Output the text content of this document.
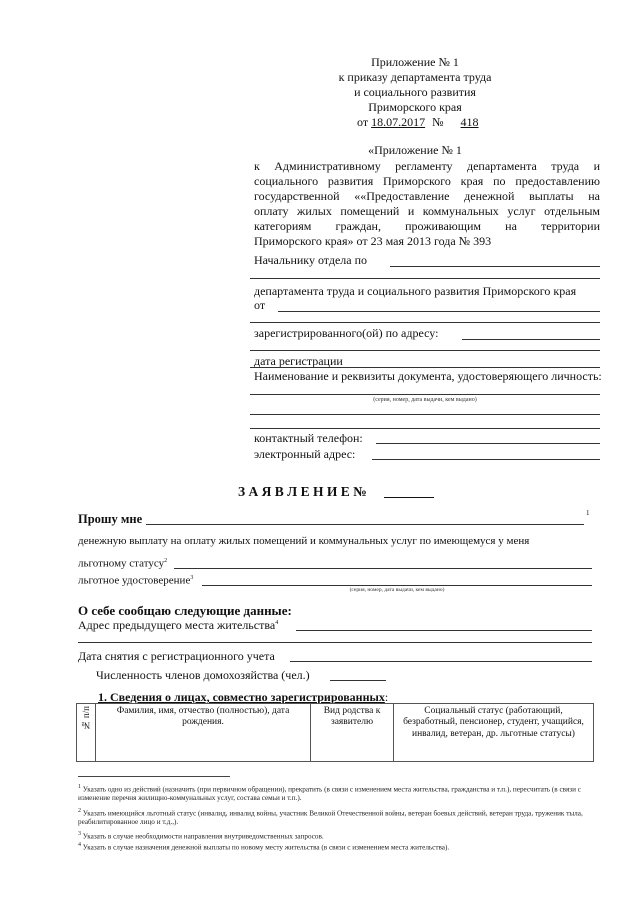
Приложение № 1
к приказу департамента труда
и социального развития
Приморского края
от 18.07.2017 № 418
«Приложение № 1
к Административному регламенту департамента труда и
социального развития Приморского края по предоставлению
государственной ««Предоставление денежной выплаты на
оплату жилых помещений и коммунальных услуг отдельным
категориям граждан, проживающим на территории
Приморского края» от 23 мая 2013 года № 393
Начальнику отдела по
департамента труда и социального развития Приморского края
от
зарегистрированного(ой) по адресу:
дата регистрации
Наименование и реквизиты документа, удостоверяющего личность:
(серия, номер, дата выдачи, кем выдано)
контактный телефон:
электронный адрес:
З А Я В Л Е Н И Е №
Прошу мне	1
денежную выплату на оплату жилых помещений и коммунальных услуг по имеющемуся у меня
льготному статусу$^2$
льготное удостоверение$^3$
(серия, номер, дата выдачи, кем выдано)
О себе сообщаю следующие данные:
Адрес предыдущего места жительства$^4$
Дата снятия с регистрационного учета
Численность членов домохозяйства (чел.)
1. Сведения о лицах, совместно зарегистрированных:
№ п/п	Фамилия, имя, отчество (полностью), дата рождения.	Вид родства к заявителю	Социальный статус (работающий, безработный, пенсионер, студент, учащийся, инвалид, ветеран, др. льготные статусы)
$^1$ Указать одно из действий (назначить (при первичном обращении), прекратить (в связи с изменением места жительства, гражданства и т.п.), пересчитать (в связи с изменение перечня жилищно-коммунальных услуг, состава семьи и т.п.).
$^2$ Указать имеющийся льготный статус (инвалид, инвалид войны, участник Великой Отечественной войны, ветеран боевых действий, ветеран труда, труженик тыла, реабилитированное лицо и т.д.,).
$^3$ Указать в случае необходимости направления внутриведомственных запросов.
$^4$ Указать в случае назначения денежной выплаты по новому месту жительства (в связи с изменением места жительства).
